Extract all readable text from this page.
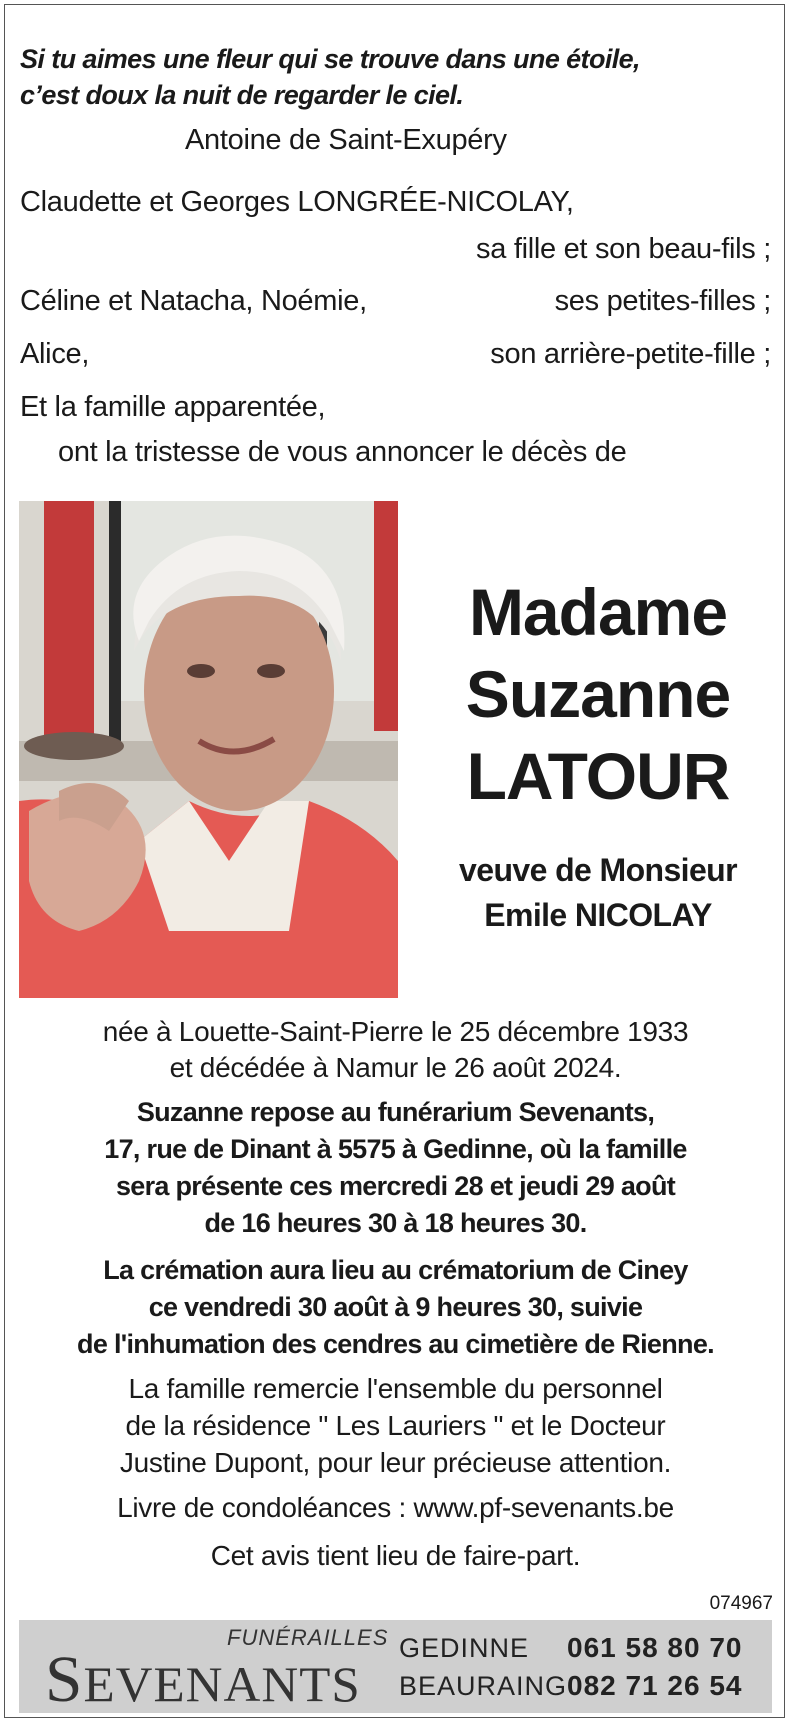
Si tu aimes une fleur qui se trouve dans une étoile,
c’est doux la nuit de regarder le ciel.
Antoine de Saint-Exupéry
Claudette et Georges LONGRÉE-NICOLAY,
sa fille et son beau-fils ;
Céline et Natacha, Noémie,	ses petites-filles ;
Alice,	son arrière-petite-fille ;
Et la famille apparentée,
ont la tristesse de vous annoncer le décès de
Madame
Suzanne
LATOUR
veuve de Monsieur
Emile NICOLAY
née à Louette-Saint-Pierre le 25 décembre 1933
et décédée à Namur le 26 août 2024.
Suzanne repose au funérarium Sevenants,
17, rue de Dinant à 5575 à Gedinne, où la famille
sera présente ces mercredi 28 et jeudi 29 août
de 16 heures 30 à 18 heures 30.
La crémation aura lieu au crématorium de Ciney
ce vendredi 30 août à 9 heures 30, suivie
de l'inhumation des cendres au cimetière de Rienne.
La famille remercie l'ensemble du personnel
de la résidence " Les Lauriers " et le Docteur
Justine Dupont, pour leur précieuse attention.
Livre de condoléances : www.pf-sevenants.be
Cet avis tient lieu de faire-part.
074967
FUNÉRAILLES
SEVENANTS
GEDINNE 061 58 80 70
BEAURAING 082 71 26 54
